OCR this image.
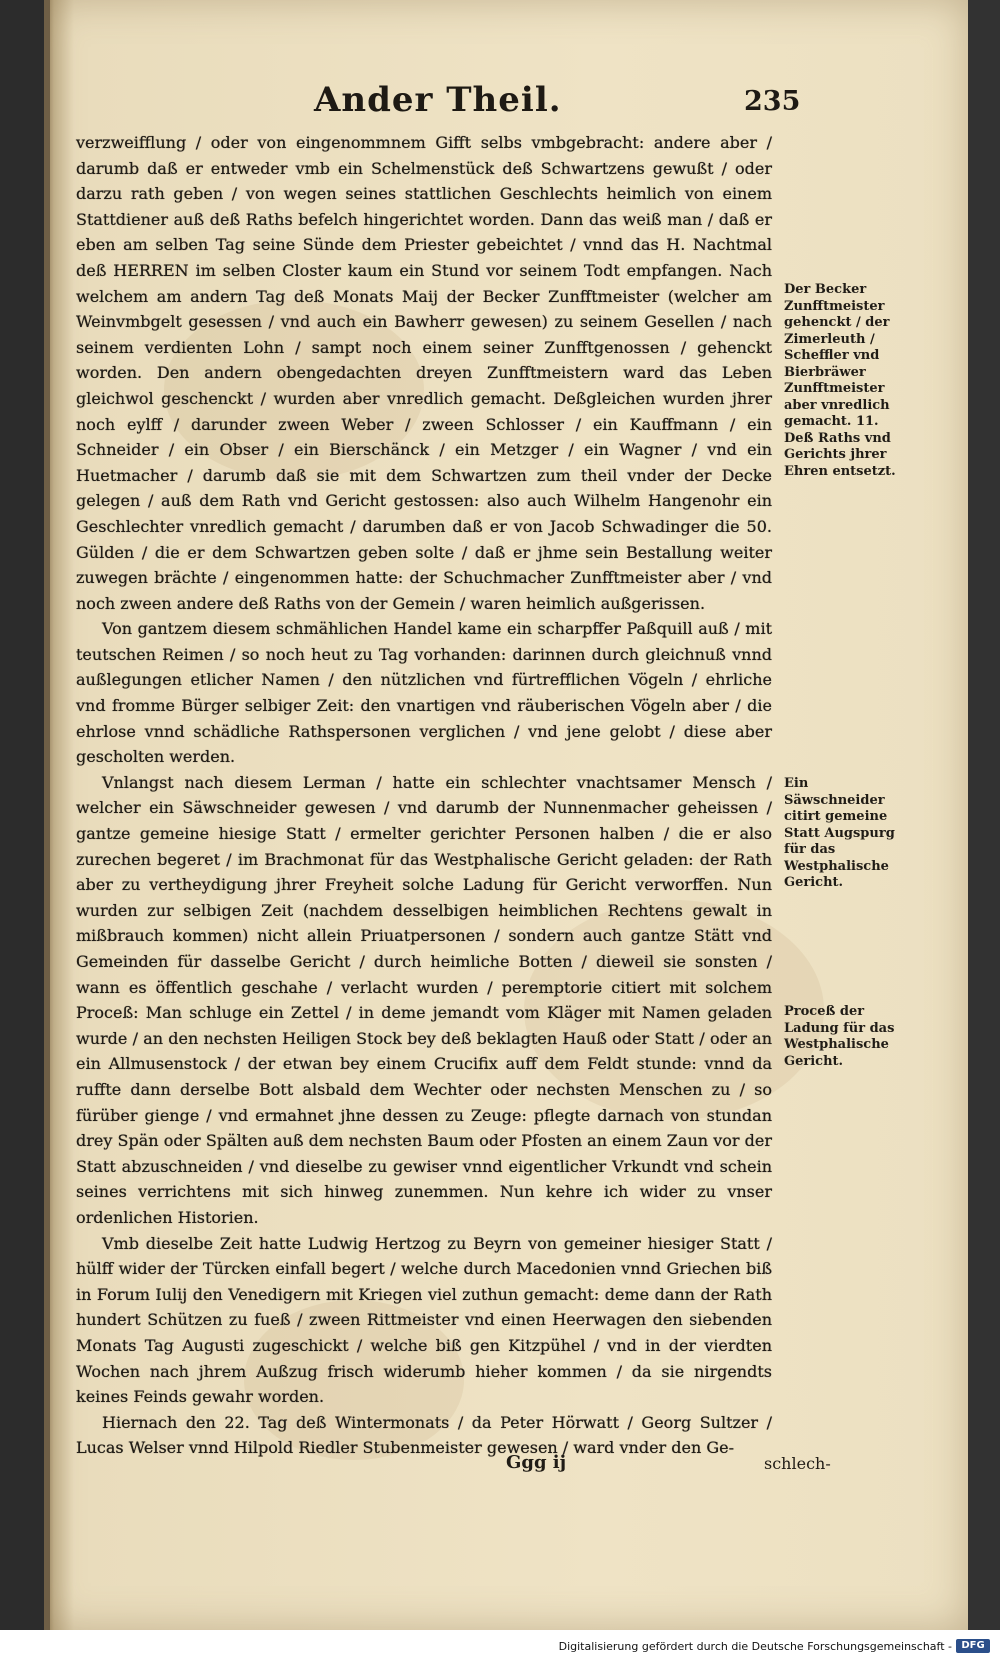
Ander Theil.	235

verzweifflung / oder von eingenommnem Gifft selbs vmbgebracht: andere aber / darumb daß er entweder vmb ein Schelmenstück deß Schwartzens gewußt / oder darzu rath geben / von wegen seines stattlichen Geschlechts heimlich von einem Stattdiener auß deß Raths befelch hingerichtet worden. Dann das weiß man / daß er eben am selben Tag seine Sünde dem Priester gebeichtet / vnnd das H. Nachtmal deß HERREN im selben Closter kaum ein Stund vor seinem Todt empfangen. Nach welchem am andern Tag deß Monats Maij der Becker Zunfftmeister (welcher am Weinvmbgelt gesessen / vnd auch ein Bawherr gewesen) zu seinem Gesellen / nach seinem verdienten Lohn / sampt noch einem seiner Zunfftgenossen / gehenckt worden. Den andern obengedachten dreyen Zunfftmeistern ward das Leben gleichwol geschenckt / wurden aber vnredlich gemacht. Deßgleichen wurden jhrer noch eylff / darunder zween Weber / zween Schlosser / ein Kauffmann / ein Schneider / ein Obser / ein Bierschänck / ein Metzger / ein Wagner / vnd ein Huetmacher / darumb daß sie mit dem Schwartzen zum theil vnder der Decke gelegen / auß dem Rath vnd Gericht gestossen: also auch Wilhelm Hangenohr ein Geschlechter vnredlich gemacht / darumben daß er von Jacob Schwadinger die 50. Gülden / die er dem Schwartzen geben solte / daß er jhme sein Bestallung weiter zuwegen brächte / eingenommen hatte: der Schuchmacher Zunfftmeister aber / vnd noch zween andere deß Raths von der Gemein / waren heimlich außgerissen.

Von gantzem diesem schmählichen Handel kame ein scharpffer Paßquill auß / mit teutschen Reimen / so noch heut zu Tag vorhanden: darinnen durch gleichnuß vnnd außlegungen etlicher Namen / den nützlichen vnd fürtrefflichen Vögeln / ehrliche vnd fromme Bürger selbiger Zeit: den vnartigen vnd räuberischen Vögeln aber / die ehrlose vnnd schädliche Rathspersonen verglichen / vnd jene gelobt / diese aber gescholten werden.

Vnlangst nach diesem Lerman / hatte ein schlechter vnachtsamer Mensch / welcher ein Säwschneider gewesen / vnd darumb der Nunnenmacher geheissen / gantze gemeine hiesige Statt / ermelter gerichter Personen halben / die er also zurechen begeret / im Brachmonat für das Westphalische Gericht geladen: der Rath aber zu vertheydigung jhrer Freyheit solche Ladung für Gericht verworffen. Nun wurden zur selbigen Zeit (nachdem desselbigen heimblichen Rechtens gewalt in mißbrauch kommen) nicht allein Priuatpersonen / sondern auch gantze Stätt vnd Gemeinden für dasselbe Gericht / durch heimliche Botten / dieweil sie sonsten / wann es öffentlich geschahe / verlacht wurden / peremptorie citiert mit solchem Proceß: Man schluge ein Zettel / in deme jemandt vom Kläger mit Namen geladen wurde / an den nechsten Heiligen Stock bey deß beklagten Hauß oder Statt / oder an ein Allmusenstock / der etwan bey einem Crucifix auff dem Feldt stunde: vnnd da ruffte dann derselbe Bott alsbald dem Wechter oder nechsten Menschen zu / so fürüber gienge / vnd ermahnet jhne dessen zu Zeuge: pflegte darnach von stundan drey Spän oder Spälten auß dem nechsten Baum oder Pfosten an einem Zaun vor der Statt abzuschneiden / vnd dieselbe zu gewiser vnnd eigentlicher Vrkundt vnd schein seines verrichtens mit sich hinweg zunemmen. Nun kehre ich wider zu vnser ordenlichen Historien.

Vmb dieselbe Zeit hatte Ludwig Hertzog zu Beyrn von gemeiner hiesiger Statt / hülff wider der Türcken einfall begert / welche durch Macedonien vnnd Griechen biß in Forum Iulij den Venedigern mit Kriegen viel zuthun gemacht: deme dann der Rath hundert Schützen zu fueß / zween Rittmeister vnd einen Heerwagen den siebenden Monats Tag Augusti zugeschickt / welche biß gen Kitzpühel / vnd in der vierdten Wochen nach jhrem Außzug frisch widerumb hieher kommen / da sie nirgendts keines Feinds gewahr worden.

Hiernach den 22. Tag deß Wintermonats / da Peter Hörwatt / Georg Sultzer / Lucas Welser vnnd Hilpold Riedler Stubenmeister gewesen / ward vnder den Ge-

Der Becker Zunfftmeister gehenckt / der Zimerleuth / Scheffler vnd Bierbräwer Zunfftmeister aber vnredlich gemacht. 11. Deß Raths vnd Gerichts jhrer Ehren entsetzt.
Ein Säwschneider citirt gemeine Statt Augspurg für das Westphalische Gericht.
Proceß der Ladung für das Westphalische Gericht.
Ggg ij	schlech-
Digitalisierung gefördert durch die Deutsche Forschungsgemeinschaft - DFG
